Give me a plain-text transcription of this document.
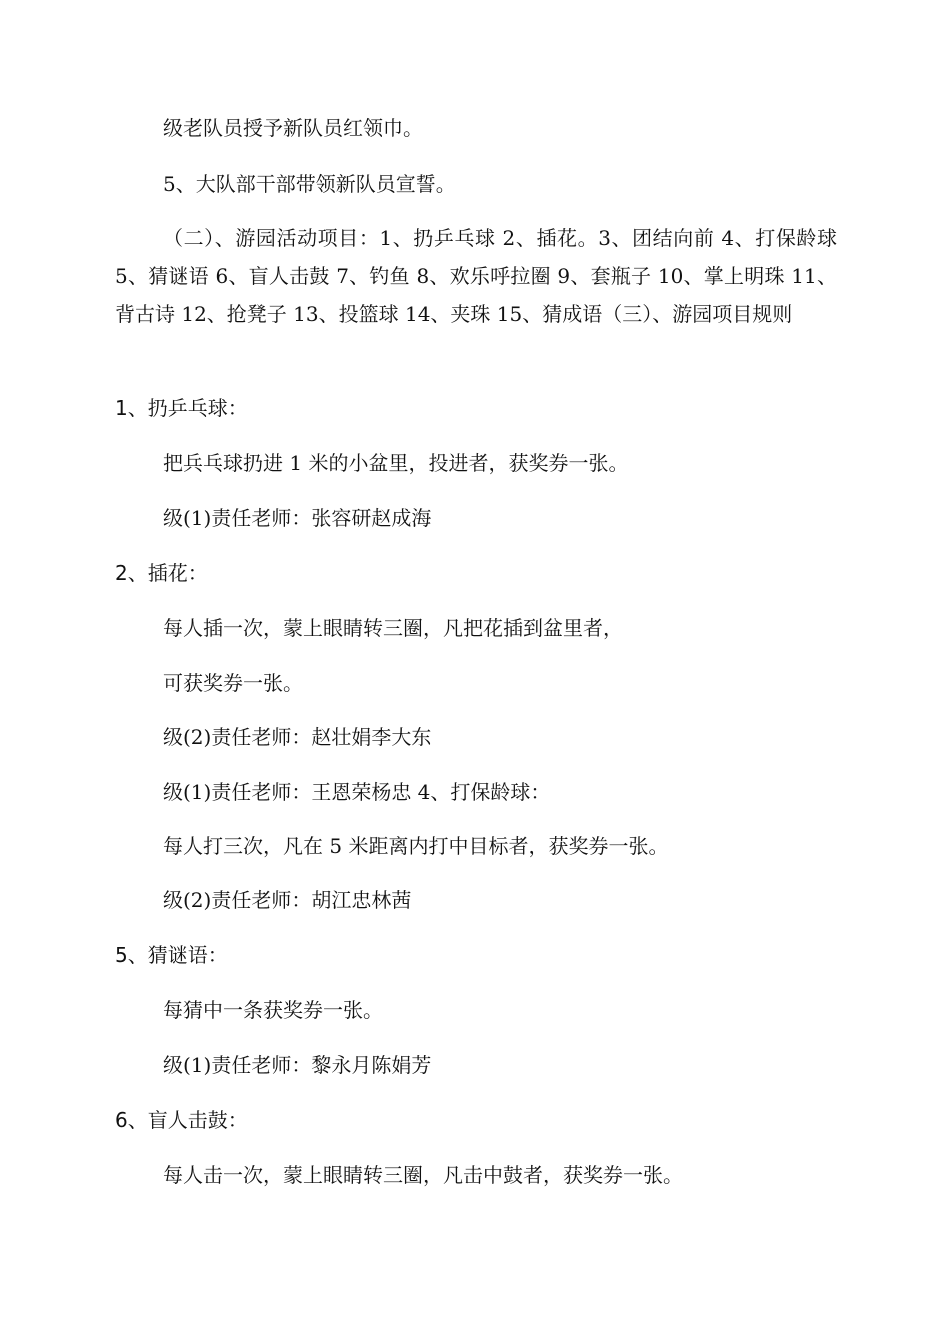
级老队员授予新队员红领巾。
5、大队部干部带领新队员宣誓。
（二）、游园活动项目：1、扔乒乓球 2、插花。3、团结向前 4、打保龄球 5、猜谜语 6、盲人击鼓 7、钓鱼 8、欢乐呼拉圈 9、套瓶子 10、掌上明珠 11、背古诗 12、抢凳子 13、投篮球 14、夹珠 15、猜成语（三）、游园项目规则
1、扔乒乓球：
把兵乓球扔进 1 米的小盆里，投进者，获奖券一张。
级(1)责任老师：张容研赵成海
2、插花：
每人插一次，蒙上眼睛转三圈，凡把花插到盆里者，
可获奖券一张。
级(2)责任老师：赵壮娟李大东
级(1)责任老师：王恩荣杨忠 4、打保龄球：
每人打三次，凡在 5 米距离内打中目标者，获奖券一张。
级(2)责任老师：胡江忠林茜
5、猜谜语：
每猜中一条获奖券一张。
级(1)责任老师：黎永月陈娟芳
6、盲人击鼓：
每人击一次，蒙上眼睛转三圈，凡击中鼓者，获奖券一张。
